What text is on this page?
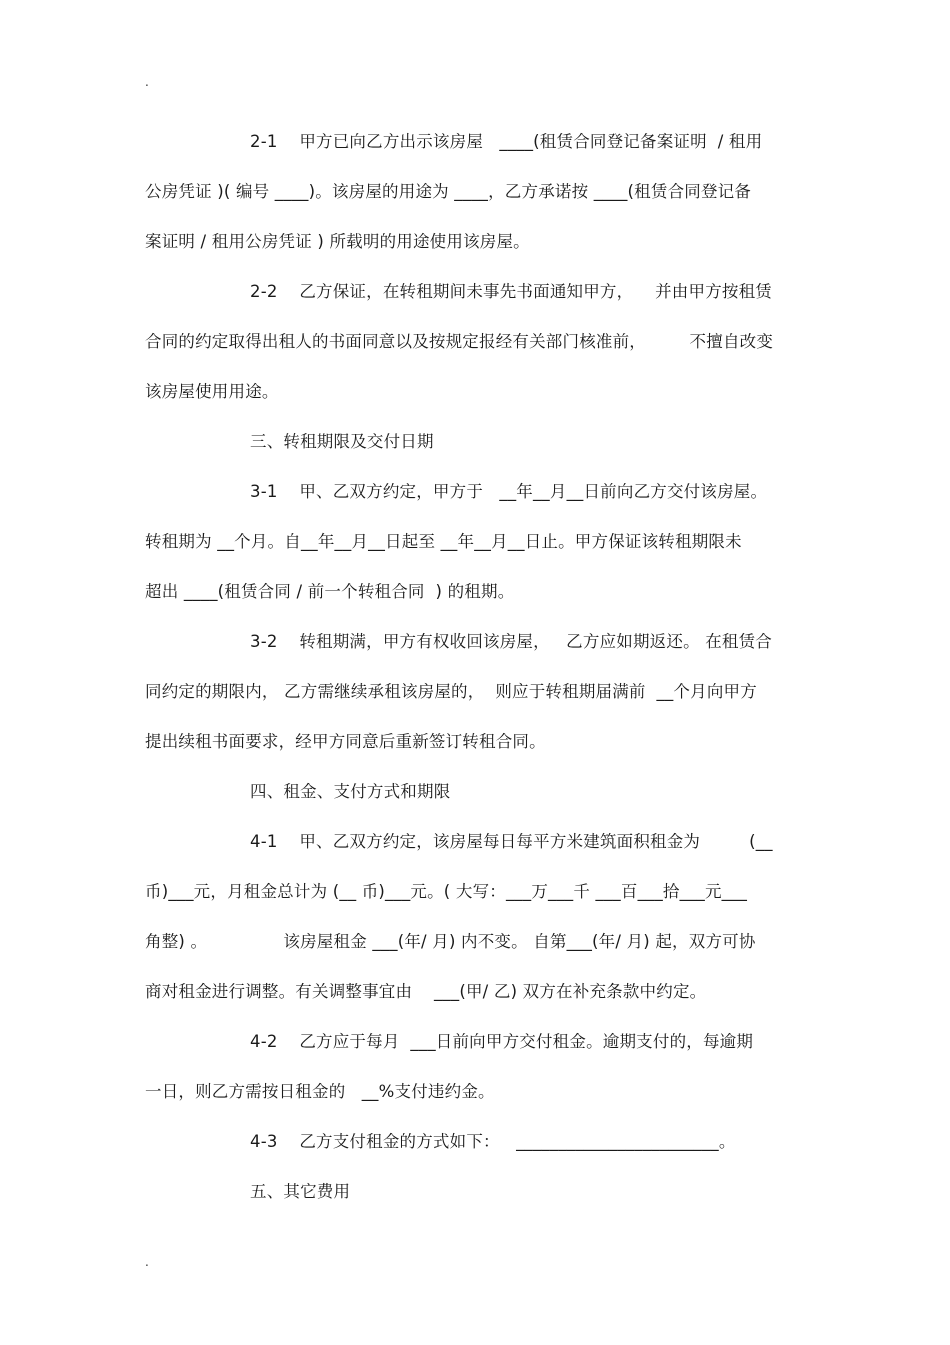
.
2-1    甲方已向乙方出示该房屋   ____(租赁合同登记备案证明  / 租用
公房凭证 )( 编号 ____)。该房屋的用途为 ____，乙方承诺按 ____(租赁合同登记备
案证明 / 租用公房凭证 ) 所载明的用途使用该房屋。
2-2    乙方保证，在转租期间未事先书面通知甲方，    并由甲方按租赁
合同的约定取得出租人的书面同意以及按规定报经有关部门核准前，        不擅自改变
该房屋使用用途。
三、转租期限及交付日期
3-1    甲、乙双方约定，甲方于   __年__月__日前向乙方交付该房屋。
转租期为 __个月。自__年__月__日起至 __年__月__日止。甲方保证该转租期限未
超出 ____(租赁合同 / 前一个转租合同  ) 的租期。
3-2    转租期满，甲方有权收回该房屋，   乙方应如期返还。 在租赁合
同约定的期限内， 乙方需继续承租该房屋的，  则应于转租期届满前  __个月向甲方
提出续租书面要求，经甲方同意后重新签订转租合同。
四、租金、支付方式和期限
4-1    甲、乙双方约定，该房屋每日每平方米建筑面积租金为         (__
币)___元，月租金总计为 (__ 币)___元。( 大写：___万___千 ___百___拾___元___
角整) 。              该房屋租金 ___(年/ 月) 内不变。 自第___(年/ 月) 起，双方可协
商对租金进行调整。有关调整事宜由    ___(甲/ 乙) 双方在补充条款中约定。
4-2    乙方应于每月  ___日前向甲方交付租金。逾期支付的，每逾期
一日，则乙方需按日租金的   __%支付违约金。
4-3    乙方支付租金的方式如下：   ________________________。
五、其它费用
.
